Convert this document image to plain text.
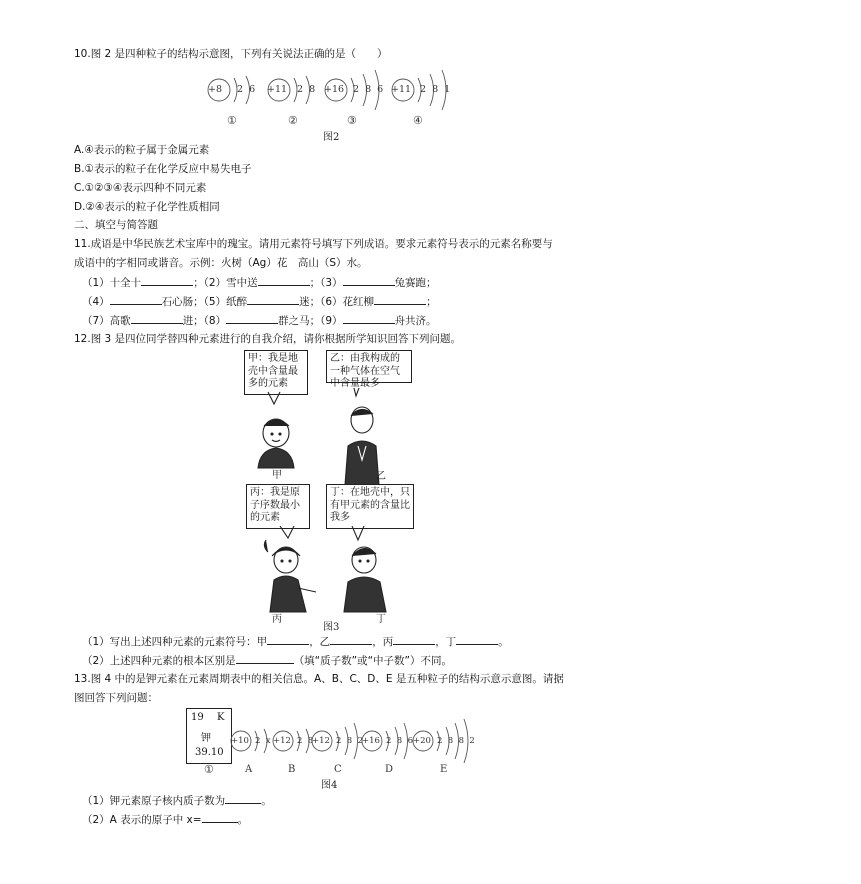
10.图 2 是四种粒子的结构示意图，下列有关说法正确的是（　　）
+8 2  6 +11 2  8 +16 2  8  6 +11 2  8  1
①	②	③	④
图2
A.④表示的粒子属于金属元素
B.①表示的粒子在化学反应中易失电子
C.①②③④表示四种不同元素
D.②④表示的粒子化学性质相同
二、填空与简答题
11.成语是中华民族艺术宝库中的瑰宝。请用元素符号填写下列成语。要求元素符号表示的元素名称要与
成语中的字相同或谐音。示例：火树（Ag）花　高山（S）水。
（1）十全十	；（2）雪中送	；（3）	兔赛跑；
（4）	石心肠；（5）纸醉	迷；（6）花红柳	；
（7）高歌	进；（8）	群之马；（9）	舟共济。
12.图 3 是四位同学替四种元素进行的自我介绍，请你根据所学知识回答下列问题。
甲：我是地壳中含量最多的元素
乙：由我构成的一种气体在空气中含量最多
甲	乙
丙：我是原子序数最小的元素
丁：在地壳中，只有甲元素的含量比我多
丙	丁
图3
（1）写出上述四种元素的元素符号：甲	，乙	，丙	，丁	。
（2）上述四种元素的根本区别是	（填“质子数”或“中子数”）不同。
13.图 4 中的是钾元素在元素周期表中的相关信息。A、B、C、D、E 是五种粒子的结构示意示意图。请据
图回答下列问题：
19 K
钾
39.10
①
+10 2  x +12 2  8
+12 2  8  2
+16 2  8  6 +20 2  8  8  2
A	B	C	D	E
图4
（1）钾元素原子核内质子数为	。
（2）A 表示的原子中 x=	。
